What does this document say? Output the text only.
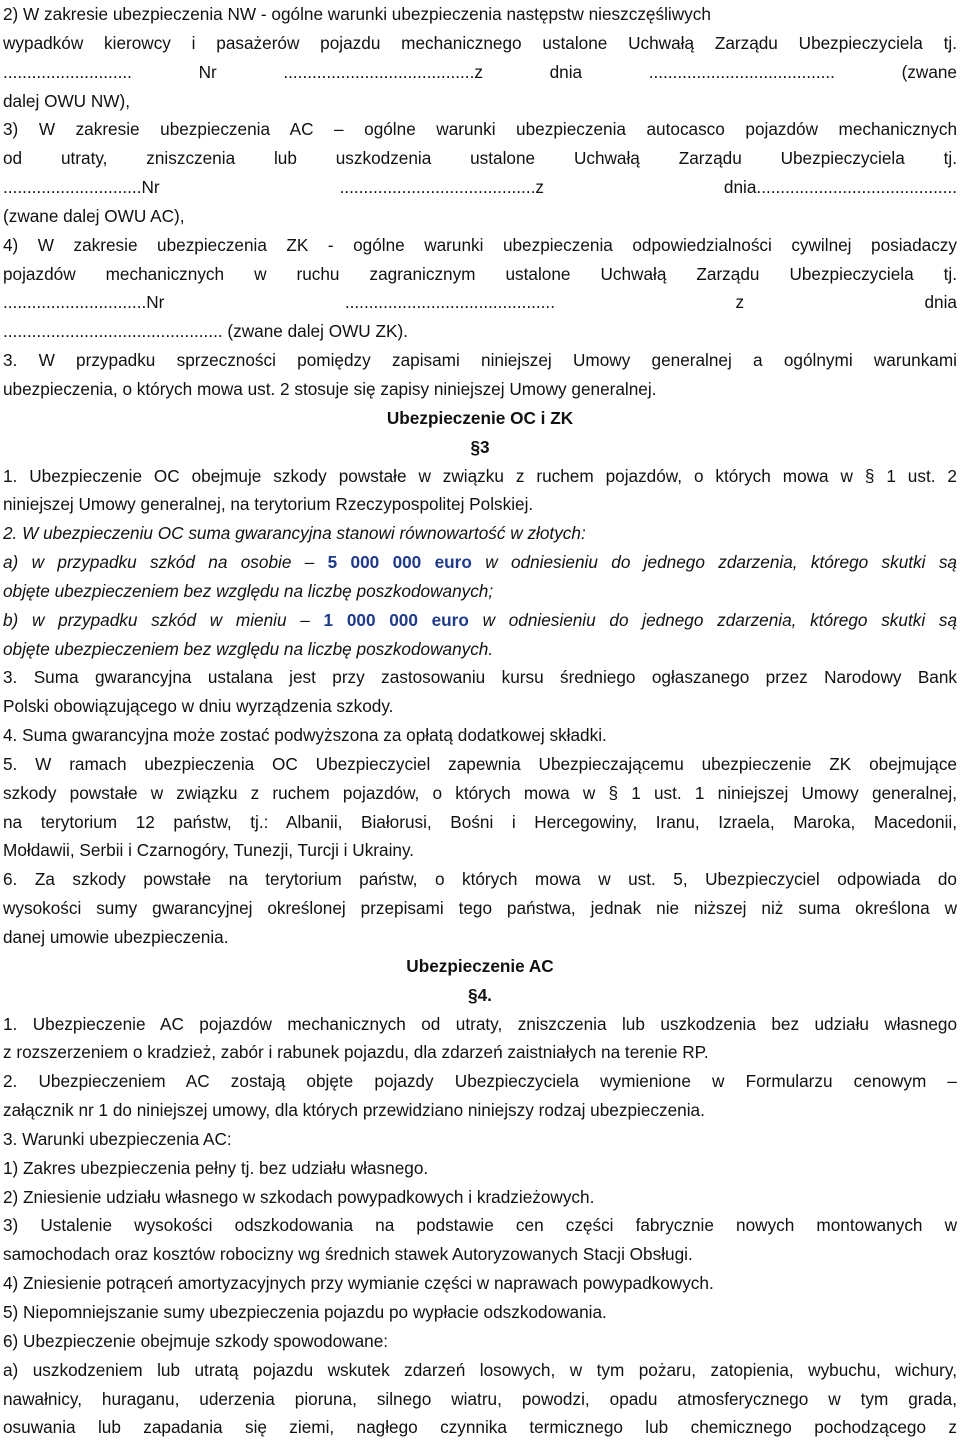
2) W zakresie ubezpieczenia NW - ogólne warunki ubezpieczenia następstw nieszczęśliwych
wypadków kierowcy i pasażerów pojazdu mechanicznego ustalone Uchwałą Zarządu Ubezpieczyciela tj.
........................... Nr ........................................z dnia ....................................... (zwane
dalej OWU NW),
3) W zakresie ubezpieczenia AC – ogólne warunki ubezpieczenia autocasco pojazdów mechanicznych
od utraty, zniszczenia lub uszkodzenia ustalone Uchwałą Zarządu Ubezpieczyciela tj.
.............................Nr .........................................z dnia..........................................
(zwane dalej OWU AC),
4) W zakresie ubezpieczenia ZK - ogólne warunki ubezpieczenia odpowiedzialności cywilnej posiadaczy
pojazdów mechanicznych w ruchu zagranicznym ustalone Uchwałą Zarządu Ubezpieczyciela tj.
..............................Nr ............................................ z dnia
.............................................. (zwane dalej OWU ZK).
3. W przypadku sprzeczności pomiędzy zapisami niniejszej Umowy generalnej a ogólnymi warunkami
ubezpieczenia, o których mowa ust. 2 stosuje się zapisy niniejszej Umowy generalnej.
Ubezpieczenie OC i ZK
§3
1. Ubezpieczenie OC obejmuje szkody powstałe w związku z ruchem pojazdów, o których mowa w § 1 ust. 2
niniejszej Umowy generalnej, na terytorium Rzeczypospolitej Polskiej.
2. W ubezpieczeniu OC suma gwarancyjna stanowi równowartość w złotych:
a) w przypadku szkód na osobie – 5 000 000 euro w odniesieniu do jednego zdarzenia, którego skutki są
objęte ubezpieczeniem bez względu na liczbę poszkodowanych;
b) w przypadku szkód w mieniu – 1 000 000 euro w odniesieniu do jednego zdarzenia, którego skutki są
objęte ubezpieczeniem bez względu na liczbę poszkodowanych.
3. Suma gwarancyjna ustalana jest przy zastosowaniu kursu średniego ogłaszanego przez Narodowy Bank
Polski obowiązującego w dniu wyrządzenia szkody.
4. Suma gwarancyjna może zostać podwyższona za opłatą dodatkowej składki.
5. W ramach ubezpieczenia OC Ubezpieczyciel zapewnia Ubezpieczającemu ubezpieczenie ZK obejmujące
szkody powstałe w związku z ruchem pojazdów, o których mowa w § 1 ust. 1 niniejszej Umowy generalnej,
na terytorium 12 państw, tj.: Albanii, Białorusi, Bośni i Hercegowiny, Iranu, Izraela, Maroka, Macedonii,
Mołdawii, Serbii i Czarnogóry, Tunezji, Turcji i Ukrainy.
6. Za szkody powstałe na terytorium państw, o których mowa w ust. 5, Ubezpieczyciel odpowiada do
wysokości sumy gwarancyjnej określonej przepisami tego państwa, jednak nie niższej niż suma określona w
danej umowie ubezpieczenia.
Ubezpieczenie AC
§4.
1. Ubezpieczenie AC pojazdów mechanicznych od utraty, zniszczenia lub uszkodzenia bez udziału własnego
z rozszerzeniem o kradzież, zabór i rabunek pojazdu, dla zdarzeń zaistniałych na terenie RP.
2. Ubezpieczeniem AC zostają objęte pojazdy Ubezpieczyciela wymienione w Formularzu cenowym –
załącznik nr 1 do niniejszej umowy, dla których przewidziano niniejszy rodzaj ubezpieczenia.
3. Warunki ubezpieczenia AC:
1) Zakres ubezpieczenia pełny tj. bez udziału własnego.
2) Zniesienie udziału własnego w szkodach powypadkowych i kradzieżowych.
3) Ustalenie wysokości odszkodowania na podstawie cen części fabrycznie nowych montowanych w
samochodach oraz kosztów robocizny wg średnich stawek Autoryzowanych Stacji Obsługi.
4) Zniesienie potrąceń amortyzacyjnych przy wymianie części w naprawach powypadkowych.
5) Niepomniejszanie sumy ubezpieczenia pojazdu po wypłacie odszkodowania.
6) Ubezpieczenie obejmuje szkody spowodowane:
a) uszkodzeniem lub utratą pojazdu wskutek zdarzeń losowych, w tym pożaru, zatopienia, wybuchu, wichury,
nawałnicy, huraganu, uderzenia pioruna, silnego wiatru, powodzi, opadu atmosferycznego w tym grada,
osuwania lub zapadania się ziemi, nagłego czynnika termicznego lub chemicznego pochodzącego z
